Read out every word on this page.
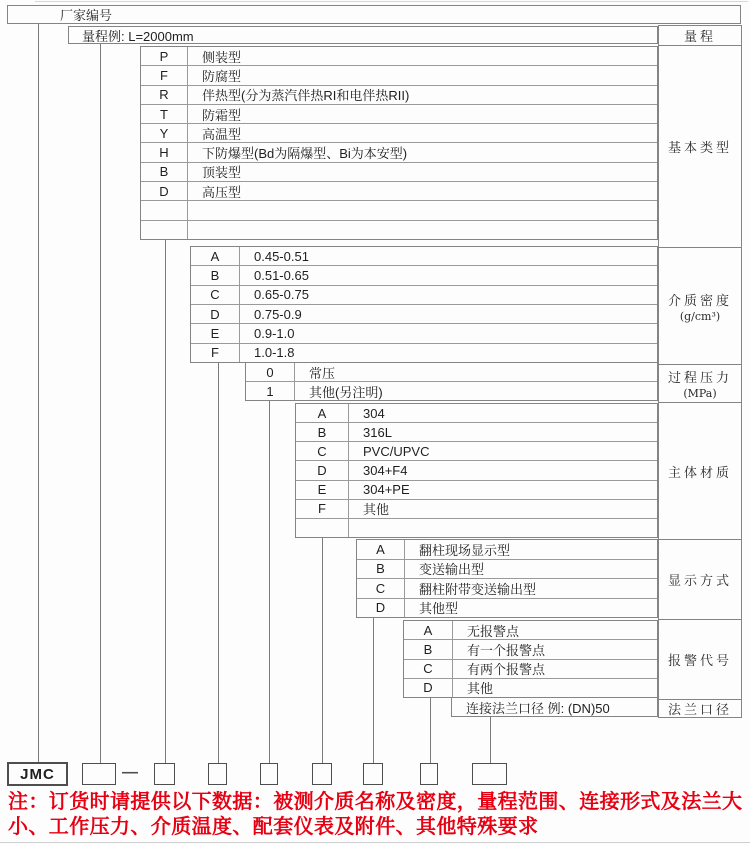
厂家编号
量程例: L=2000mm
P	侧装型
F	防腐型
R	伴热型(分为蒸汽伴热RI和电伴热RII)
T	防霜型
Y	高温型
H	下防爆型(Bd为隔爆型、Bi为本安型)
B	顶装型
D	高压型
A	0.45-0.51
B	0.51-0.65
C	0.65-0.75
D	0.75-0.9
E	0.9-1.0
F	1.0-1.8
0	常压
1	其他(另注明)
A	304
B	316L
C	PVC/UPVC
D	304+F4
E	304+PE
F	其他
A	翻柱现场显示型
B	变送输出型
C	翻柱附带变送输出型
D	其他型
A	无报警点
B	有一个报警点
C	有两个报警点
D	其他
连接法兰口径 例: (DN)50
量程
基本类型
介质密度
(g/cm³)
过程压力
(MPa)
主体材质
显示方式
报警代号
法兰口径
JMC	—
注：订货时请提供以下数据：被测介质名称及密度，量程范围、连接形式及法兰大小、工作压力、介质温度、配套仪表及附件、其他特殊要求
